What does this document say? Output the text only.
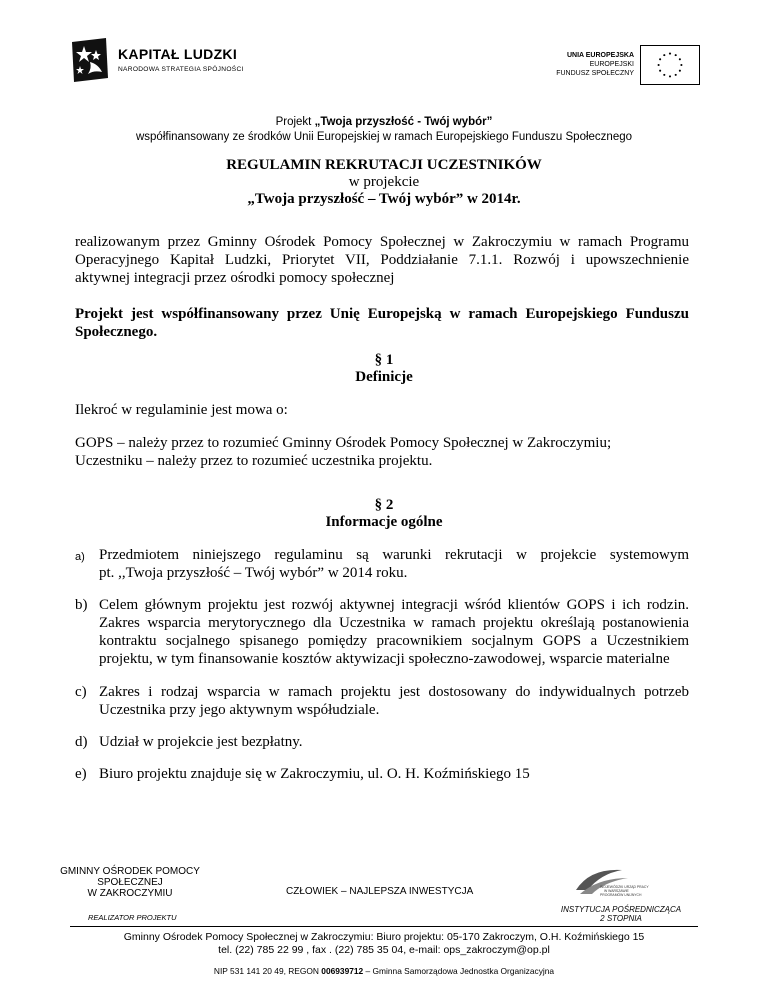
KAPITAŁ LUDZKI
NARODOWA STRATEGIA SPÓJNOŚCI
UNIA EUROPEJSKA
EUROPEJSKI
FUNDUSZ SPOŁECZNY
Projekt „Twoja przyszłość - Twój wybór”
współfinansowany ze środków Unii Europejskiej w ramach Europejskiego Funduszu Społecznego
REGULAMIN REKRUTACJI UCZESTNIKÓW
w projekcie
„Twoja przyszłość – Twój wybór” w 2014r.
realizowanym przez Gminny Ośrodek Pomocy Społecznej w Zakroczymiu w ramach Programu
Operacyjnego Kapitał Ludzki, Priorytet VII, Poddziałanie 7.1.1. Rozwój i upowszechnienie
aktywnej integracji przez ośrodki pomocy społecznej
Projekt jest współfinansowany przez Unię Europejską w ramach Europejskiego Funduszu
Społecznego.
§ 1
Definicje
Ilekroć w regulaminie jest mowa o:
GOPS – należy przez to rozumieć Gminny Ośrodek Pomocy Społecznej w Zakroczymiu;
Uczestniku – należy przez to rozumieć uczestnika projektu.
§ 2
Informacje ogólne
a) Przedmiotem niniejszego regulaminu są warunki rekrutacji w projekcie systemowym
pt. ,,Twoja przyszłość – Twój wybór” w 2014 roku.
b) Celem głównym projektu jest rozwój aktywnej integracji wśród klientów GOPS i ich rodzin.
Zakres wsparcia merytorycznego dla Uczestnika w ramach projektu określają postanowienia
kontraktu socjalnego spisanego pomiędzy pracownikiem socjalnym GOPS a Uczestnikiem
projektu, w tym finansowanie kosztów aktywizacji społeczno-zawodowej, wsparcie materialne
c) Zakres i rodzaj wsparcia w ramach projektu jest dostosowany do indywidualnych potrzeb
Uczestnika przy jego aktywnym współudziale.
d) Udział w projekcie jest bezpłatny.
e) Biuro projektu znajduje się w Zakroczymiu, ul. O. H. Koźmińskiego 15
GMINNY OŚRODEK POMOCY
SPOŁECZNEJ
W ZAKROCZYMIU
REALIZATOR PROJEKTU
CZŁOWIEK – NAJLEPSZA INWESTYCJA	WOJEWÓDZKI URZĄD PRACY
W WARSZAWIE
PROGRAMÓW UNIJNYCH
INSTYTUCJA POŚREDNICZĄCA
2 STOPNIA
Gminny Ośrodek Pomocy Społecznej w Zakroczymiu: Biuro projektu: 05-170 Zakroczym, O.H. Koźmińskiego 15
tel. (22) 785 22 99 , fax . (22) 785 35 04, e-mail: ops_zakroczym@op.pl
NIP 531 141 20 49, REGON 006939712 – Gminna Samorządowa Jednostka Organizacyjna
